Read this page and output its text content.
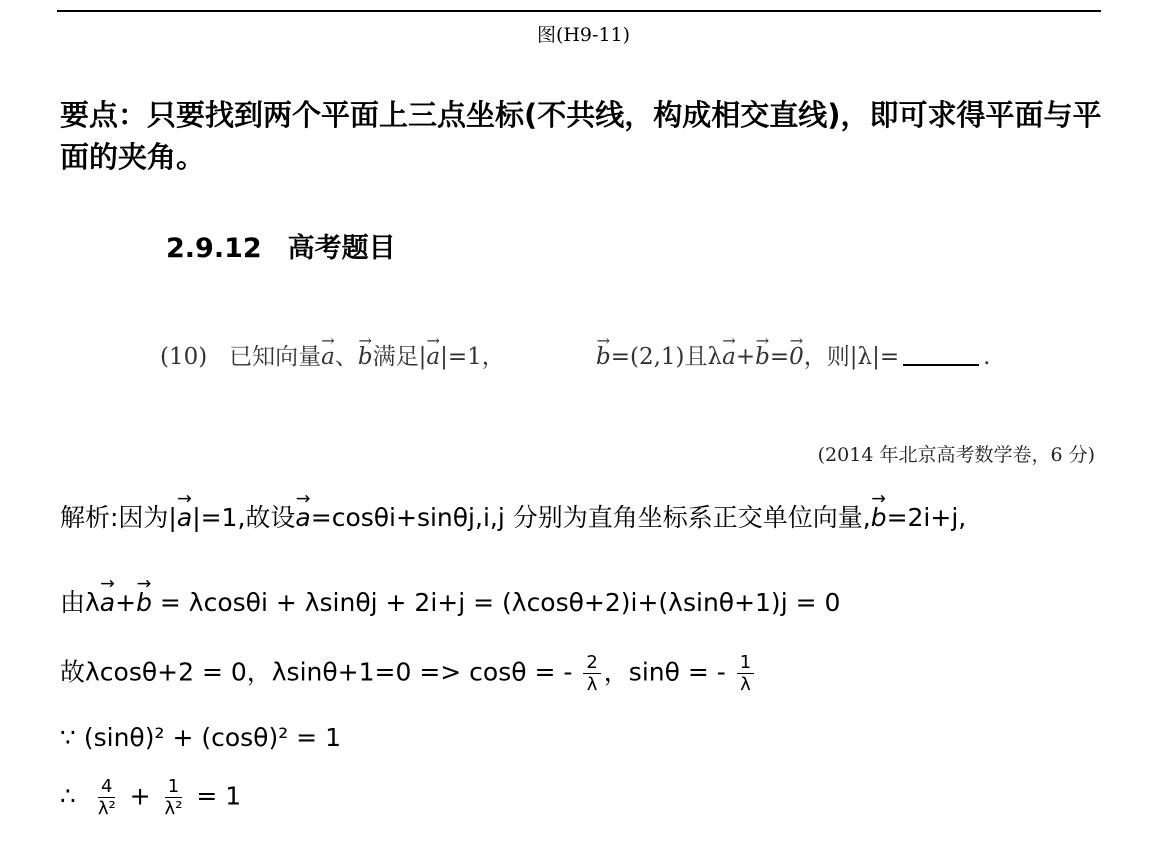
图(H9-11)
要点：只要找到两个平面上三点坐标(不共线，构成相交直线)，即可求得平面与平面的夹角。
2.9.12 高考题目
(10) 已知向量a →、b →满足|a →|=1，	b →=(2,1)且λa →+b →=0 →，则|λ|=	.
(2014 年北京高考数学卷，6 分)
解析:因为|a →|=1,故设a →=cosθi+sinθj,i,j 分别为直角坐标系正交单位向量,b →=2i+j,
由λa →+b → = λcosθi + λsinθj + 2i+j = (λcosθ+2)i+(λsinθ+1)j = 0
故λcosθ+2 = 0，λsinθ+1=0 => cosθ = - $\frac{2}{\lambda}$ ，sinθ = - $\frac{1}{\lambda}$
∵ (sinθ)² + (cosθ)² = 1
∴ $\frac{4}{\text{λ²}} + \frac{1}{\text{λ²}} = 1$
